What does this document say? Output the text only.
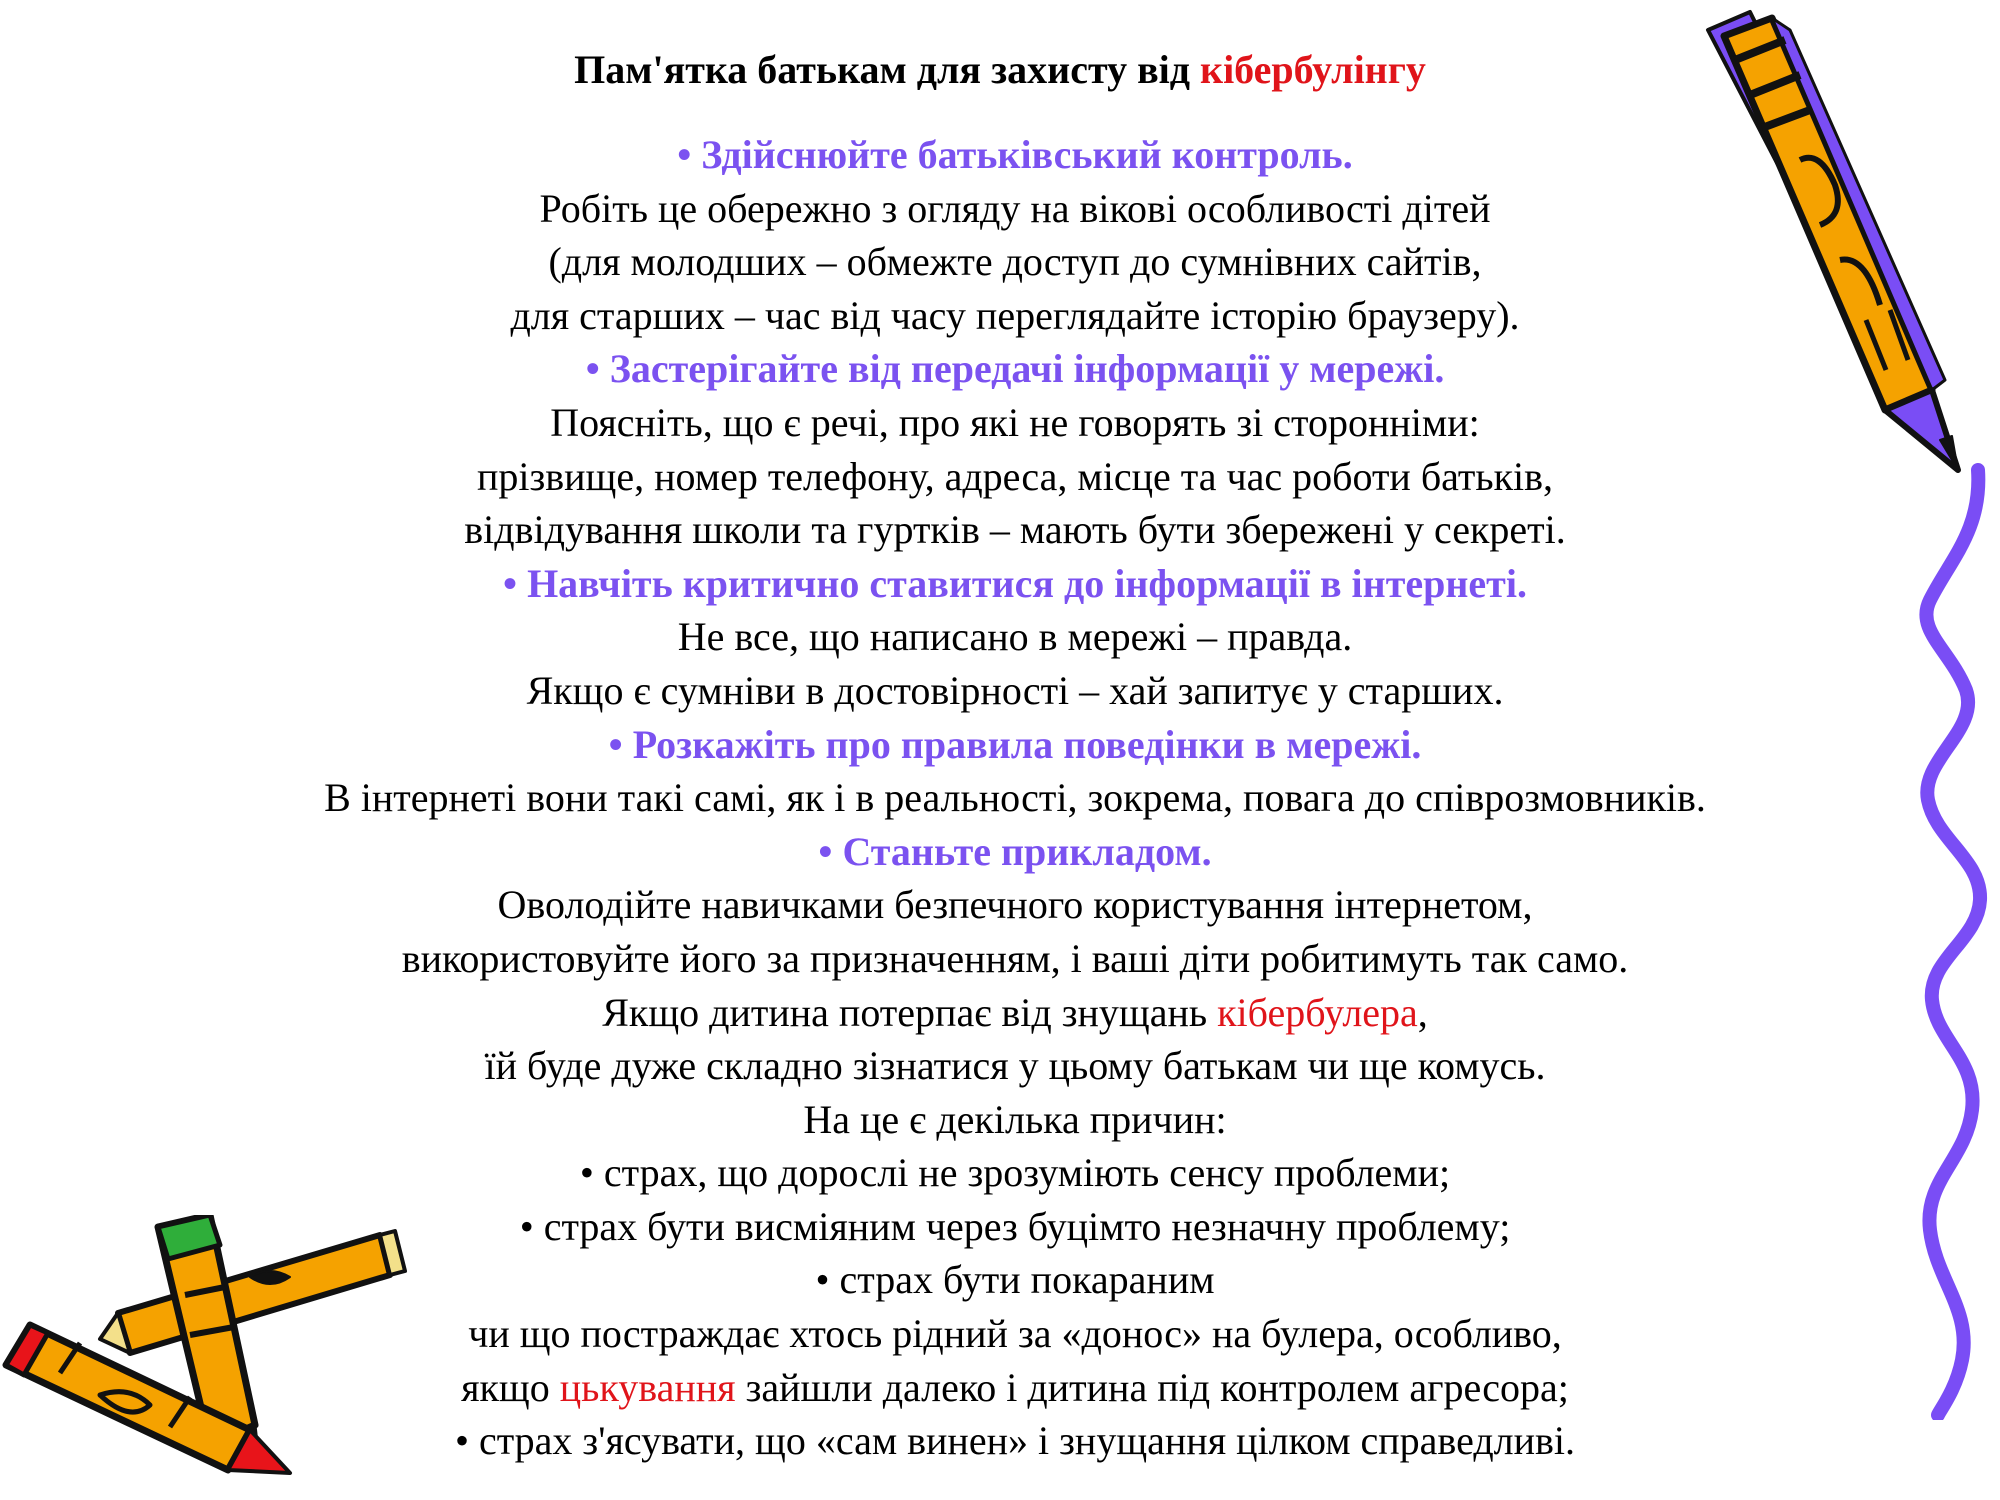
Пам'ятка батькам для захисту від кібербулінгу
• Здійснюйте батьківський контроль.
Робіть це обережно з огляду на вікові особливості дітей
(для молодших – обмежте доступ до сумнівних сайтів,
для старших – час від часу переглядайте історію браузеру).
• Застерігайте від передачі інформації у мережі.
Поясніть, що є речі, про які не говорять зі сторонніми:
прізвище, номер телефону, адреса, місце та час роботи батьків,
відвідування школи та гуртків – мають бути збережені у секреті.
• Навчіть критично ставитися до інформації в інтернеті.
Не все, що написано в мережі – правда.
Якщо є сумніви в достовірності – хай запитує у старших.
• Розкажіть про правила поведінки в мережі.
В інтернеті вони такі самі, як і в реальності, зокрема, повага до співрозмовників.
• Станьте прикладом.
Оволодійте навичками безпечного користування інтернетом,
використовуйте його за призначенням, і ваші діти робитимуть так само.
Якщо дитина потерпає від знущань кібербулера,
їй буде дуже складно зізнатися у цьому батькам чи ще комусь.
На це є декілька причин:
• страх, що дорослі не зрозуміють сенсу проблеми;
• страх бути висміяним через буцімто незначну проблему;
• страх бути покараним
чи що постраждає хтось рідний за «донос» на булера, особливо,
якщо цькування зайшли далеко і дитина під контролем агресора;
• страх з'ясувати, що «сам винен» і знущання цілком справедливі.
